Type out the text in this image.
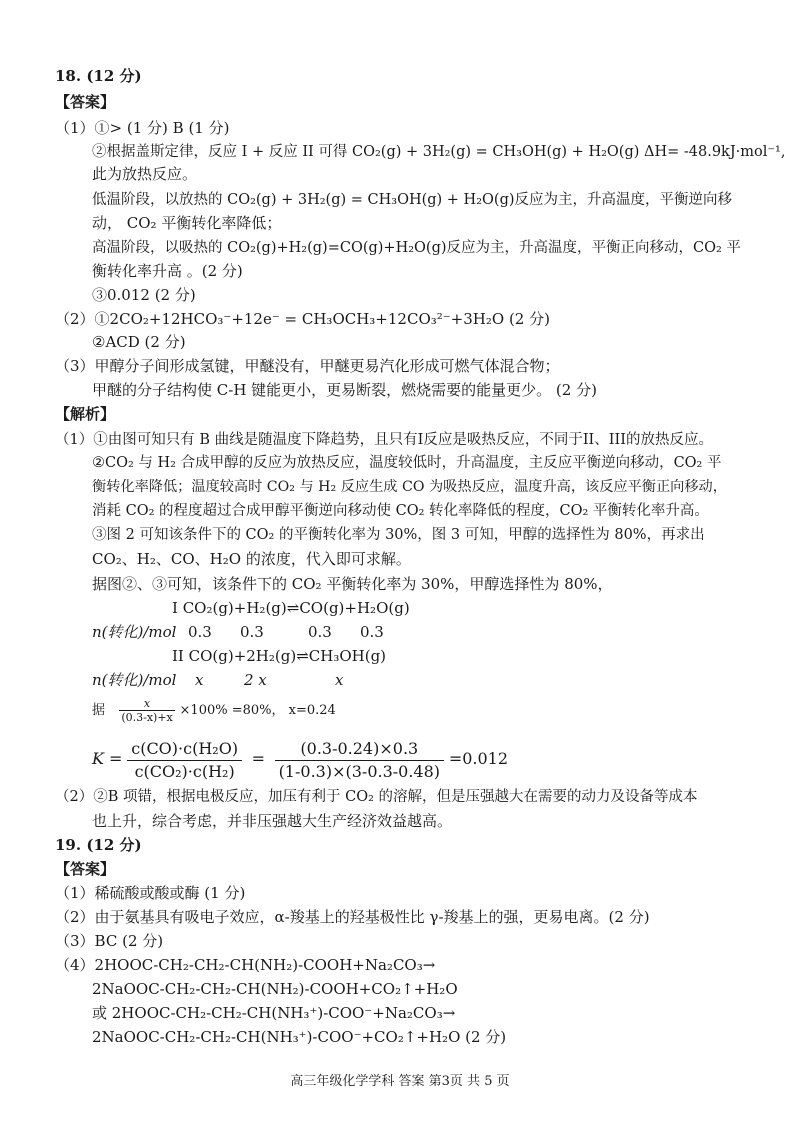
18. (12 分)
【答案】
（1）①> (1 分) B (1 分)
②根据盖斯定律，反应 I + 反应 II 可得 CO₂(g) + 3H₂(g) = CH₃OH(g) + H₂O(g) ΔH= -48.9kJ·mol⁻¹,
此为放热反应。
低温阶段，以放热的 CO₂(g) + 3H₂(g) = CH₃OH(g) + H₂O(g)反应为主，升高温度，平衡逆向移
动， CO₂ 平衡转化率降低；
高温阶段，以吸热的 CO₂(g)+H₂(g)=CO(g)+H₂O(g)反应为主，升高温度，平衡正向移动，CO₂ 平
衡转化率升高 。(2 分)
③0.012 (2 分)
（2）①2CO₂+12HCO₃⁻+12e⁻ = CH₃OCH₃+12CO₃²⁻+3H₂O (2 分)
②ACD (2 分)
（3）甲醇分子间形成氢键，甲醚没有，甲醚更易汽化形成可燃气体混合物；
甲醚的分子结构使 C-H 键能更小，更易断裂，燃烧需要的能量更少。 (2 分)
【解析】
（1）①由图可知只有 B 曲线是随温度下降趋势，且只有I反应是吸热反应，不同于II、III的放热反应。
②CO₂ 与 H₂ 合成甲醇的反应为放热反应，温度较低时，升高温度，主反应平衡逆向移动，CO₂ 平
衡转化率降低；温度较高时 CO₂ 与 H₂ 反应生成 CO 为吸热反应，温度升高，该反应平衡正向移动，
消耗 CO₂ 的程度超过合成甲醇平衡逆向移动使 CO₂ 转化率降低的程度，CO₂ 平衡转化率升高。
③图 2 可知该条件下的 CO₂ 的平衡转化率为 30%，图 3 可知，甲醇的选择性为 80%，再求出
CO₂、H₂、CO、H₂O 的浓度，代入即可求解。
据图②、③可知，该条件下的 CO₂ 平衡转化率为 30%，甲醇选择性为 80%，
I CO₂(g)+H₂(g)⇌CO(g)+H₂O(g)
n(转化)/mol 0.3 0.3	0.3 0.3
II CO(g)+2H₂(g)⇌CH₃OH(g)
n(转化)/mol x	2 x	x
据 $\frac{x}{(0.3-x)+x} \times 100\% =80\%$， x=0.24
$K = \frac{\text{c(CO)·c(H₂O)}}{\text{c(CO₂)·c(H₂)}} = \frac{(0.3-0.24)\times 0.3}{(1-0.3)\times(3-0.3-0.48)} =0.012$
（2）②B 项错，根据电极反应，加压有利于 CO₂ 的溶解，但是压强越大在需要的动力及设备等成本
也上升，综合考虑，并非压强越大生产经济效益越高。
19. (12 分)
【答案】
（1）稀硫酸或酸或酶 (1 分)
（2）由于氨基具有吸电子效应，α-羧基上的羟基极性比 γ-羧基上的强，更易电离。(2 分)
（3）BC (2 分)
（4）2HOOC-CH₂-CH₂-CH(NH₂)-COOH+Na₂CO₃→
2NaOOC-CH₂-CH₂-CH(NH₂)-COOH+CO₂↑+H₂O
或 2HOOC-CH₂-CH₂-CH(NH₃⁺)-COO⁻+Na₂CO₃→
2NaOOC-CH₂-CH₂-CH(NH₃⁺)-COO⁻+CO₂↑+H₂O (2 分)
高三年级化学学科 答案 第3页 共 5 页
